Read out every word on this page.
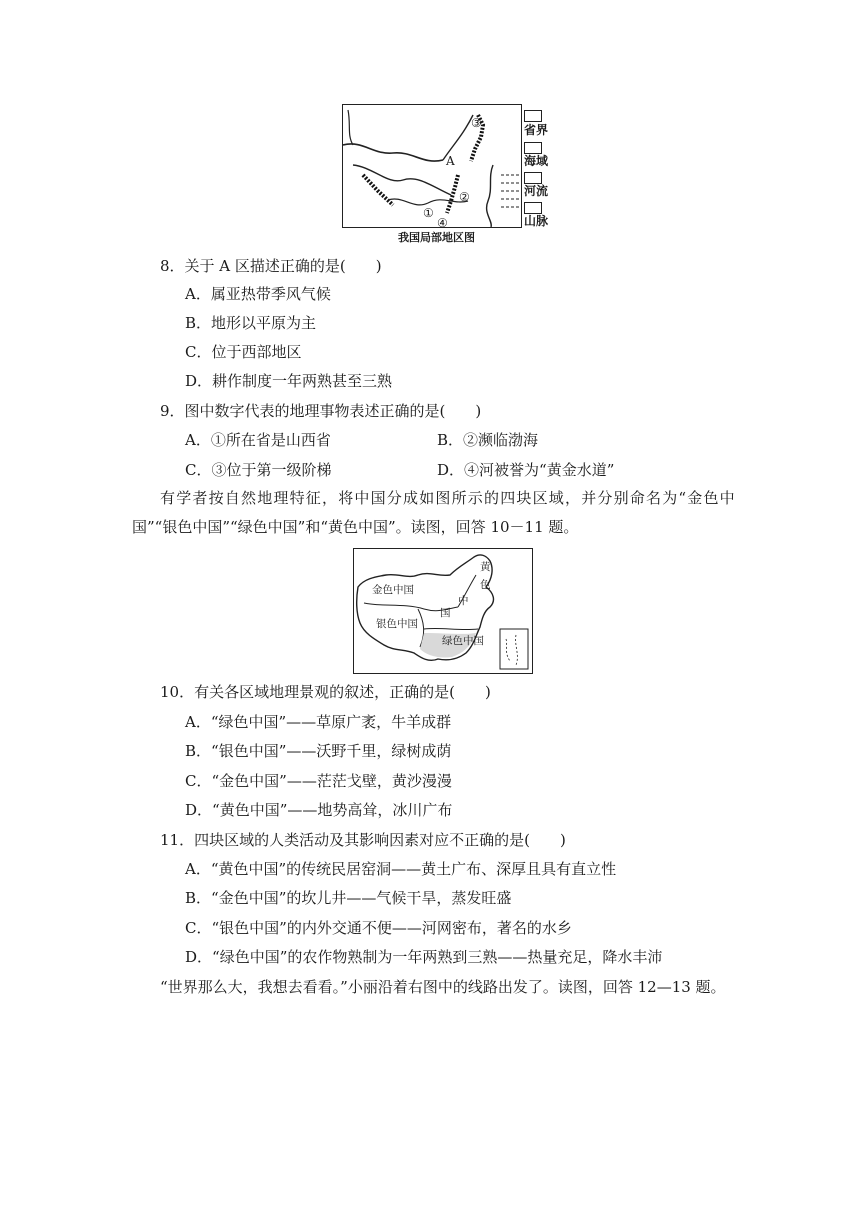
A
①
②
③
④
省界
海域
河流
山脉
我国局部地区图
8．关于 A 区描述正确的是(　　)
A．属亚热带季风气候
B．地形以平原为主
C．位于西部地区
D．耕作制度一年两熟甚至三熟
9．图中数字代表的地理事物表述正确的是(　　)
A．①所在省是山西省	B．②濒临渤海
C．③位于第一级阶梯	D．④河被誉为“黄金水道”
有学者按自然地理特征，将中国分成如图所示的四块区域，并分别命名为“金色中
国”“银色中国”“绿色中国”和“黄色中国”。读图，回答 10－11 题。
金色中国
银色中国
绿色中国
黄
色
中
国
10．有关各区域地理景观的叙述，正确的是(　　)
A．“绿色中国”——草原广袤，牛羊成群
B．“银色中国”——沃野千里，绿树成荫
C．“金色中国”——茫茫戈壁，黄沙漫漫
D．“黄色中国”——地势高耸，冰川广布
11．四块区域的人类活动及其影响因素对应不正确的是(　　)
A．“黄色中国”的传统民居窑洞——黄土广布、深厚且具有直立性
B．“金色中国”的坎儿井——气候干旱，蒸发旺盛
C．“银色中国”的内外交通不便——河网密布，著名的水乡
D．“绿色中国”的农作物熟制为一年两熟到三熟——热量充足，降水丰沛
“世界那么大，我想去看看。”小丽沿着右图中的线路出发了。读图，回答 12—13 题。
